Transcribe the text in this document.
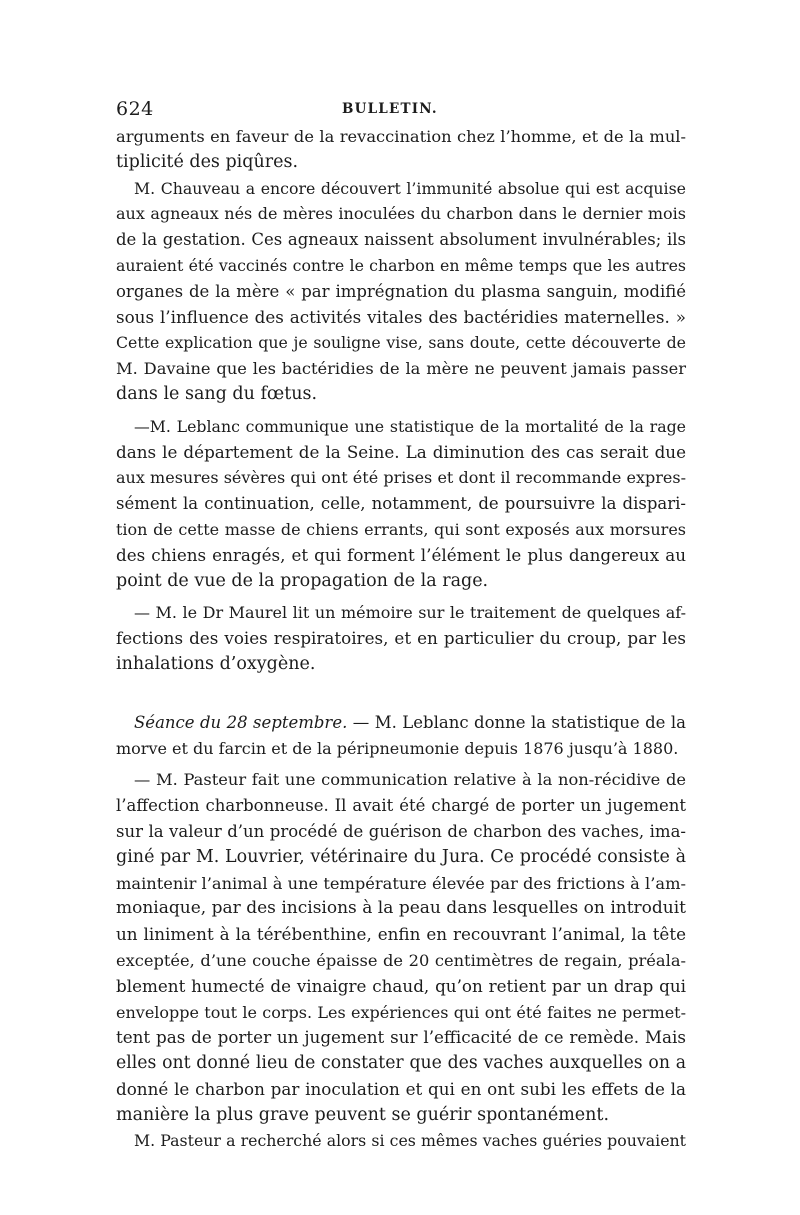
624	BULLETIN.
arguments en faveur de la revaccination chez l’homme, et de la mul-
tiplicité des piqûres.
M. Chauveau a encore découvert l’immunité absolue qui est acquise
aux agneaux nés de mères inoculées du charbon dans le dernier mois
de la gestation. Ces agneaux naissent absolument invulnérables; ils
auraient été vaccinés contre le charbon en même temps que les autres
organes de la mère « par imprégnation du plasma sanguin, modifié
sous l’influence des activités vitales des bactéridies maternelles. »
Cette explication que je souligne vise, sans doute, cette découverte de
M. Davaine que les bactéridies de la mère ne peuvent jamais passer
dans le sang du fœtus.
—M. Leblanc communique une statistique de la mortalité de la rage
dans le département de la Seine. La diminution des cas serait due
aux mesures sévères qui ont été prises et dont il recommande expres-
sément la continuation, celle, notamment, de poursuivre la dispari-
tion de cette masse de chiens errants, qui sont exposés aux morsures
des chiens enragés, et qui forment l’élément le plus dangereux au
point de vue de la propagation de la rage.
— M. le Dr Maurel lit un mémoire sur le traitement de quelques af-
fections des voies respiratoires, et en particulier du croup, par les
inhalations d’oxygène.
Séance du 28 septembre. — M. Leblanc donne la statistique de la
morve et du farcin et de la péripneumonie depuis 1876 jusqu’à 1880.
— M. Pasteur fait une communication relative à la non-récidive de
l’affection charbonneuse. Il avait été chargé de porter un jugement
sur la valeur d’un procédé de guérison de charbon des vaches, ima-
giné par M. Louvrier, vétérinaire du Jura. Ce procédé consiste à
maintenir l’animal à une température élevée par des frictions à l’am-
moniaque, par des incisions à la peau dans lesquelles on introduit
un liniment à la térébenthine, enfin en recouvrant l’animal, la tête
exceptée, d’une couche épaisse de 20 centimètres de regain, préala-
blement humecté de vinaigre chaud, qu’on retient par un drap qui
enveloppe tout le corps. Les expériences qui ont été faites ne permet-
tent pas de porter un jugement sur l’efficacité de ce remède. Mais
elles ont donné lieu de constater que des vaches auxquelles on a
donné le charbon par inoculation et qui en ont subi les effets de la
manière la plus grave peuvent se guérir spontanément.
M. Pasteur a recherché alors si ces mêmes vaches guéries pouvaient
